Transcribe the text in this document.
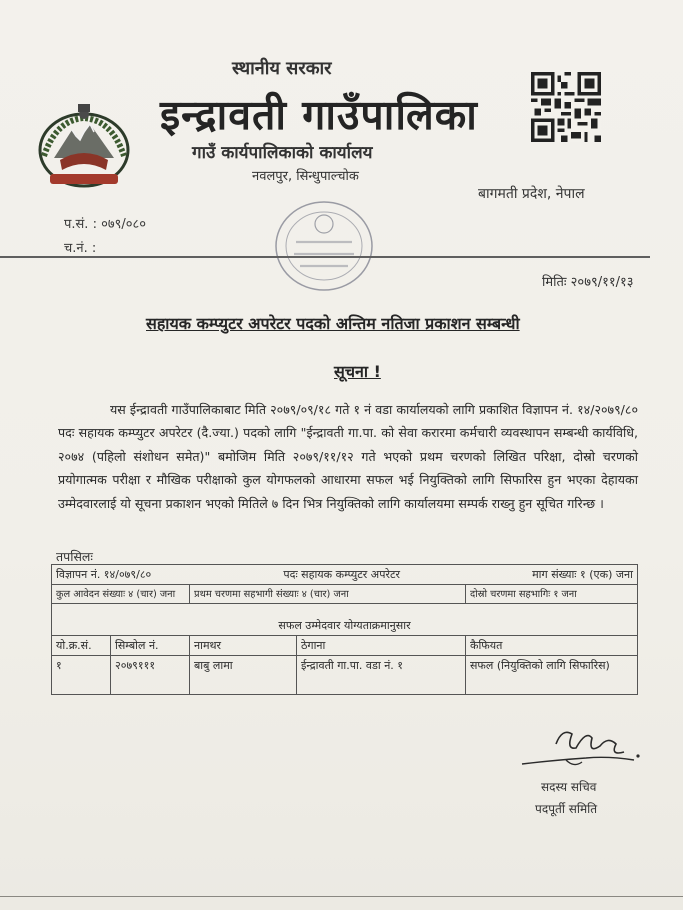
स्थानीय सरकार
इन्द्रावती गाउँपालिका
गाउँ कार्यपालिकाको कार्यालय
नवलपुर, सिन्धुपाल्चोक
बागमती प्रदेश, नेपाल
प.सं. : ०७९/०८०
च.नं. :
मितिः २०७९/११/१३
सहायक कम्प्युटर अपरेटर पदको अन्तिम नतिजा प्रकाशन सम्बन्धी
सूचना !
यस ईन्द्रावती गाउँपालिकाबाट मिति २०७९/०९/१८ गते १ नं वडा कार्यालयको लागि प्रकाशित विज्ञापन नं. १४/२०७९/८० पदः सहायक कम्प्युटर अपरेटर (दै.ज्या.) पदको लागि "ईन्द्रावती गा.पा. को सेवा करारमा कर्मचारी व्यवस्थापन सम्बन्धी कार्यविधि, २०७४ (पहिलो संशोधन समेत)" बमोजिम मिति २०७९/११/१२ गते भएको प्रथम चरणको लिखित परिक्षा, दोस्रो चरणको प्रयोगात्मक परीक्षा र मौखिक परीक्षाको कुल योगफलको आधारमा सफल भई नियुक्तिको लागि सिफारिस हुन भएका देहायका उम्मेदवारलाई यो सूचना प्रकाशन भएको मितिले ७ दिन भित्र नियुक्तिको लागि कार्यालयमा सम्पर्क राख्नु हुन सूचित गरिन्छ ।
तपसिलः
विज्ञापन नं. १४/०७९/८० पदः सहायक कम्प्युटर अपरेटर माग संख्याः १ (एक) जना				

कुल आवेदन संख्याः ४ (चार) जना		प्रथम चरणमा सहभागी संख्याः ४ (चार) जना		दोस्रो चरणमा सहभागिः १ जना
सफल उम्मेदवार योग्यताक्रमानुसार				
यो.क्र.सं.	सिम्बोल नं.	नामथर	ठेगाना	कैफियत
१	२०७९१११	बाबु लामा	ईन्द्रावती गा.पा. वडा नं. १	सफल (नियुक्तिको लागि सिफारिस)
सदस्य सचिव
पदपूर्ती समिति
